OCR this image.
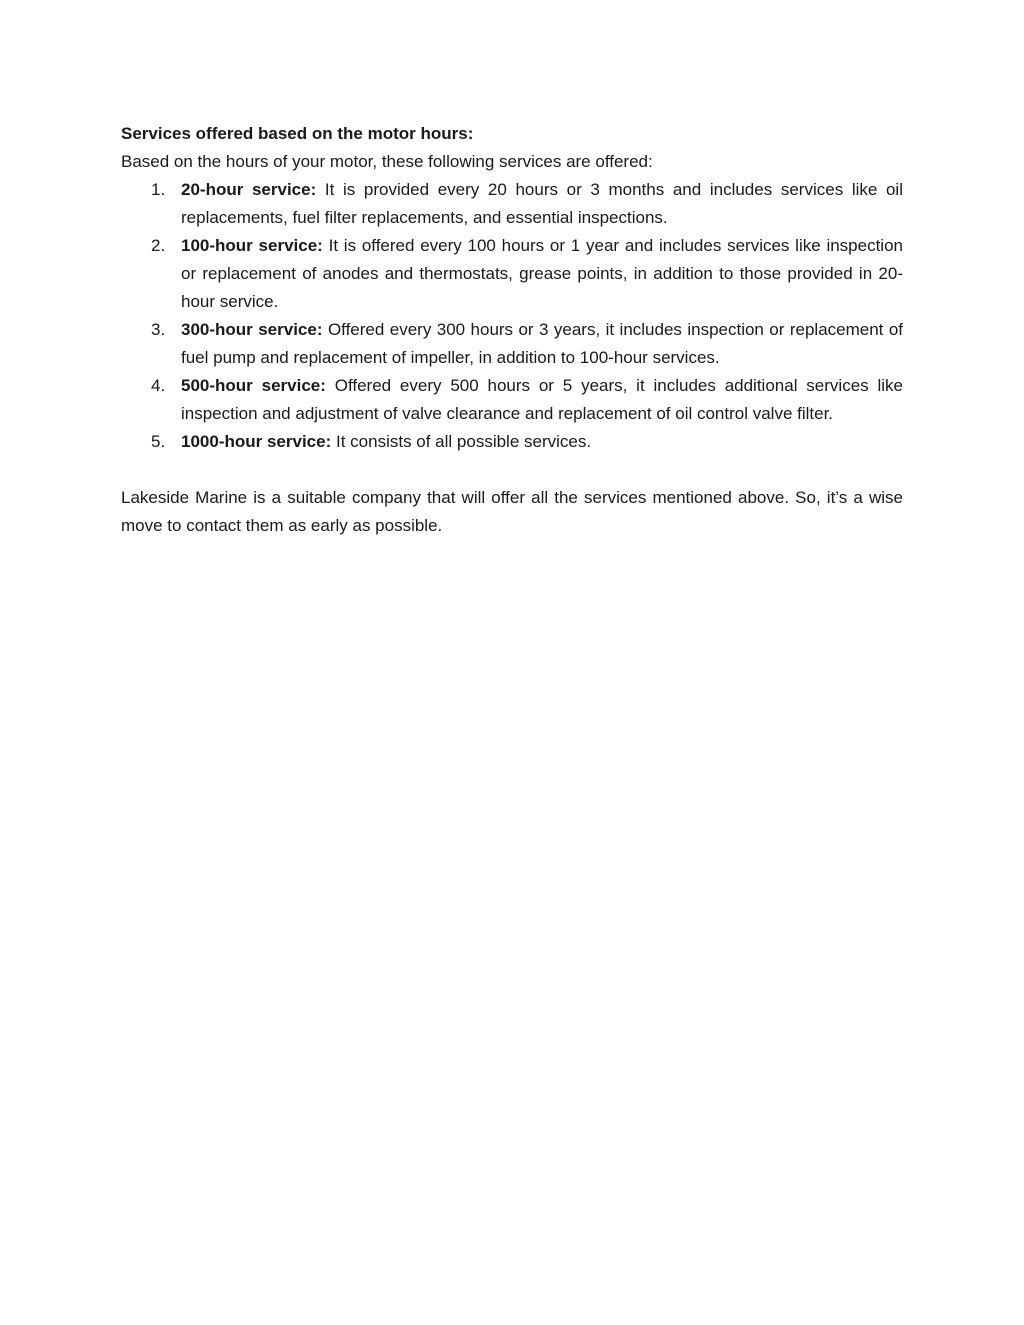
Services offered based on the motor hours:

Based on the hours of your motor, these following services are offered:

1. 20-hour service: It is provided every 20 hours or 3 months and includes services like oil replacements, fuel filter replacements, and essential inspections.
2. 100-hour service: It is offered every 100 hours or 1 year and includes services like inspection or replacement of anodes and thermostats, grease points, in addition to those provided in 20-hour service.
3. 300-hour service: Offered every 300 hours or 3 years, it includes inspection or replacement of fuel pump and replacement of impeller, in addition to 100-hour services.
4. 500-hour service: Offered every 500 hours or 5 years, it includes additional services like inspection and adjustment of valve clearance and replacement of oil control valve filter.
5. 1000-hour service: It consists of all possible services.

Lakeside Marine is a suitable company that will offer all the services mentioned above. So, it’s a wise move to contact them as early as possible.
